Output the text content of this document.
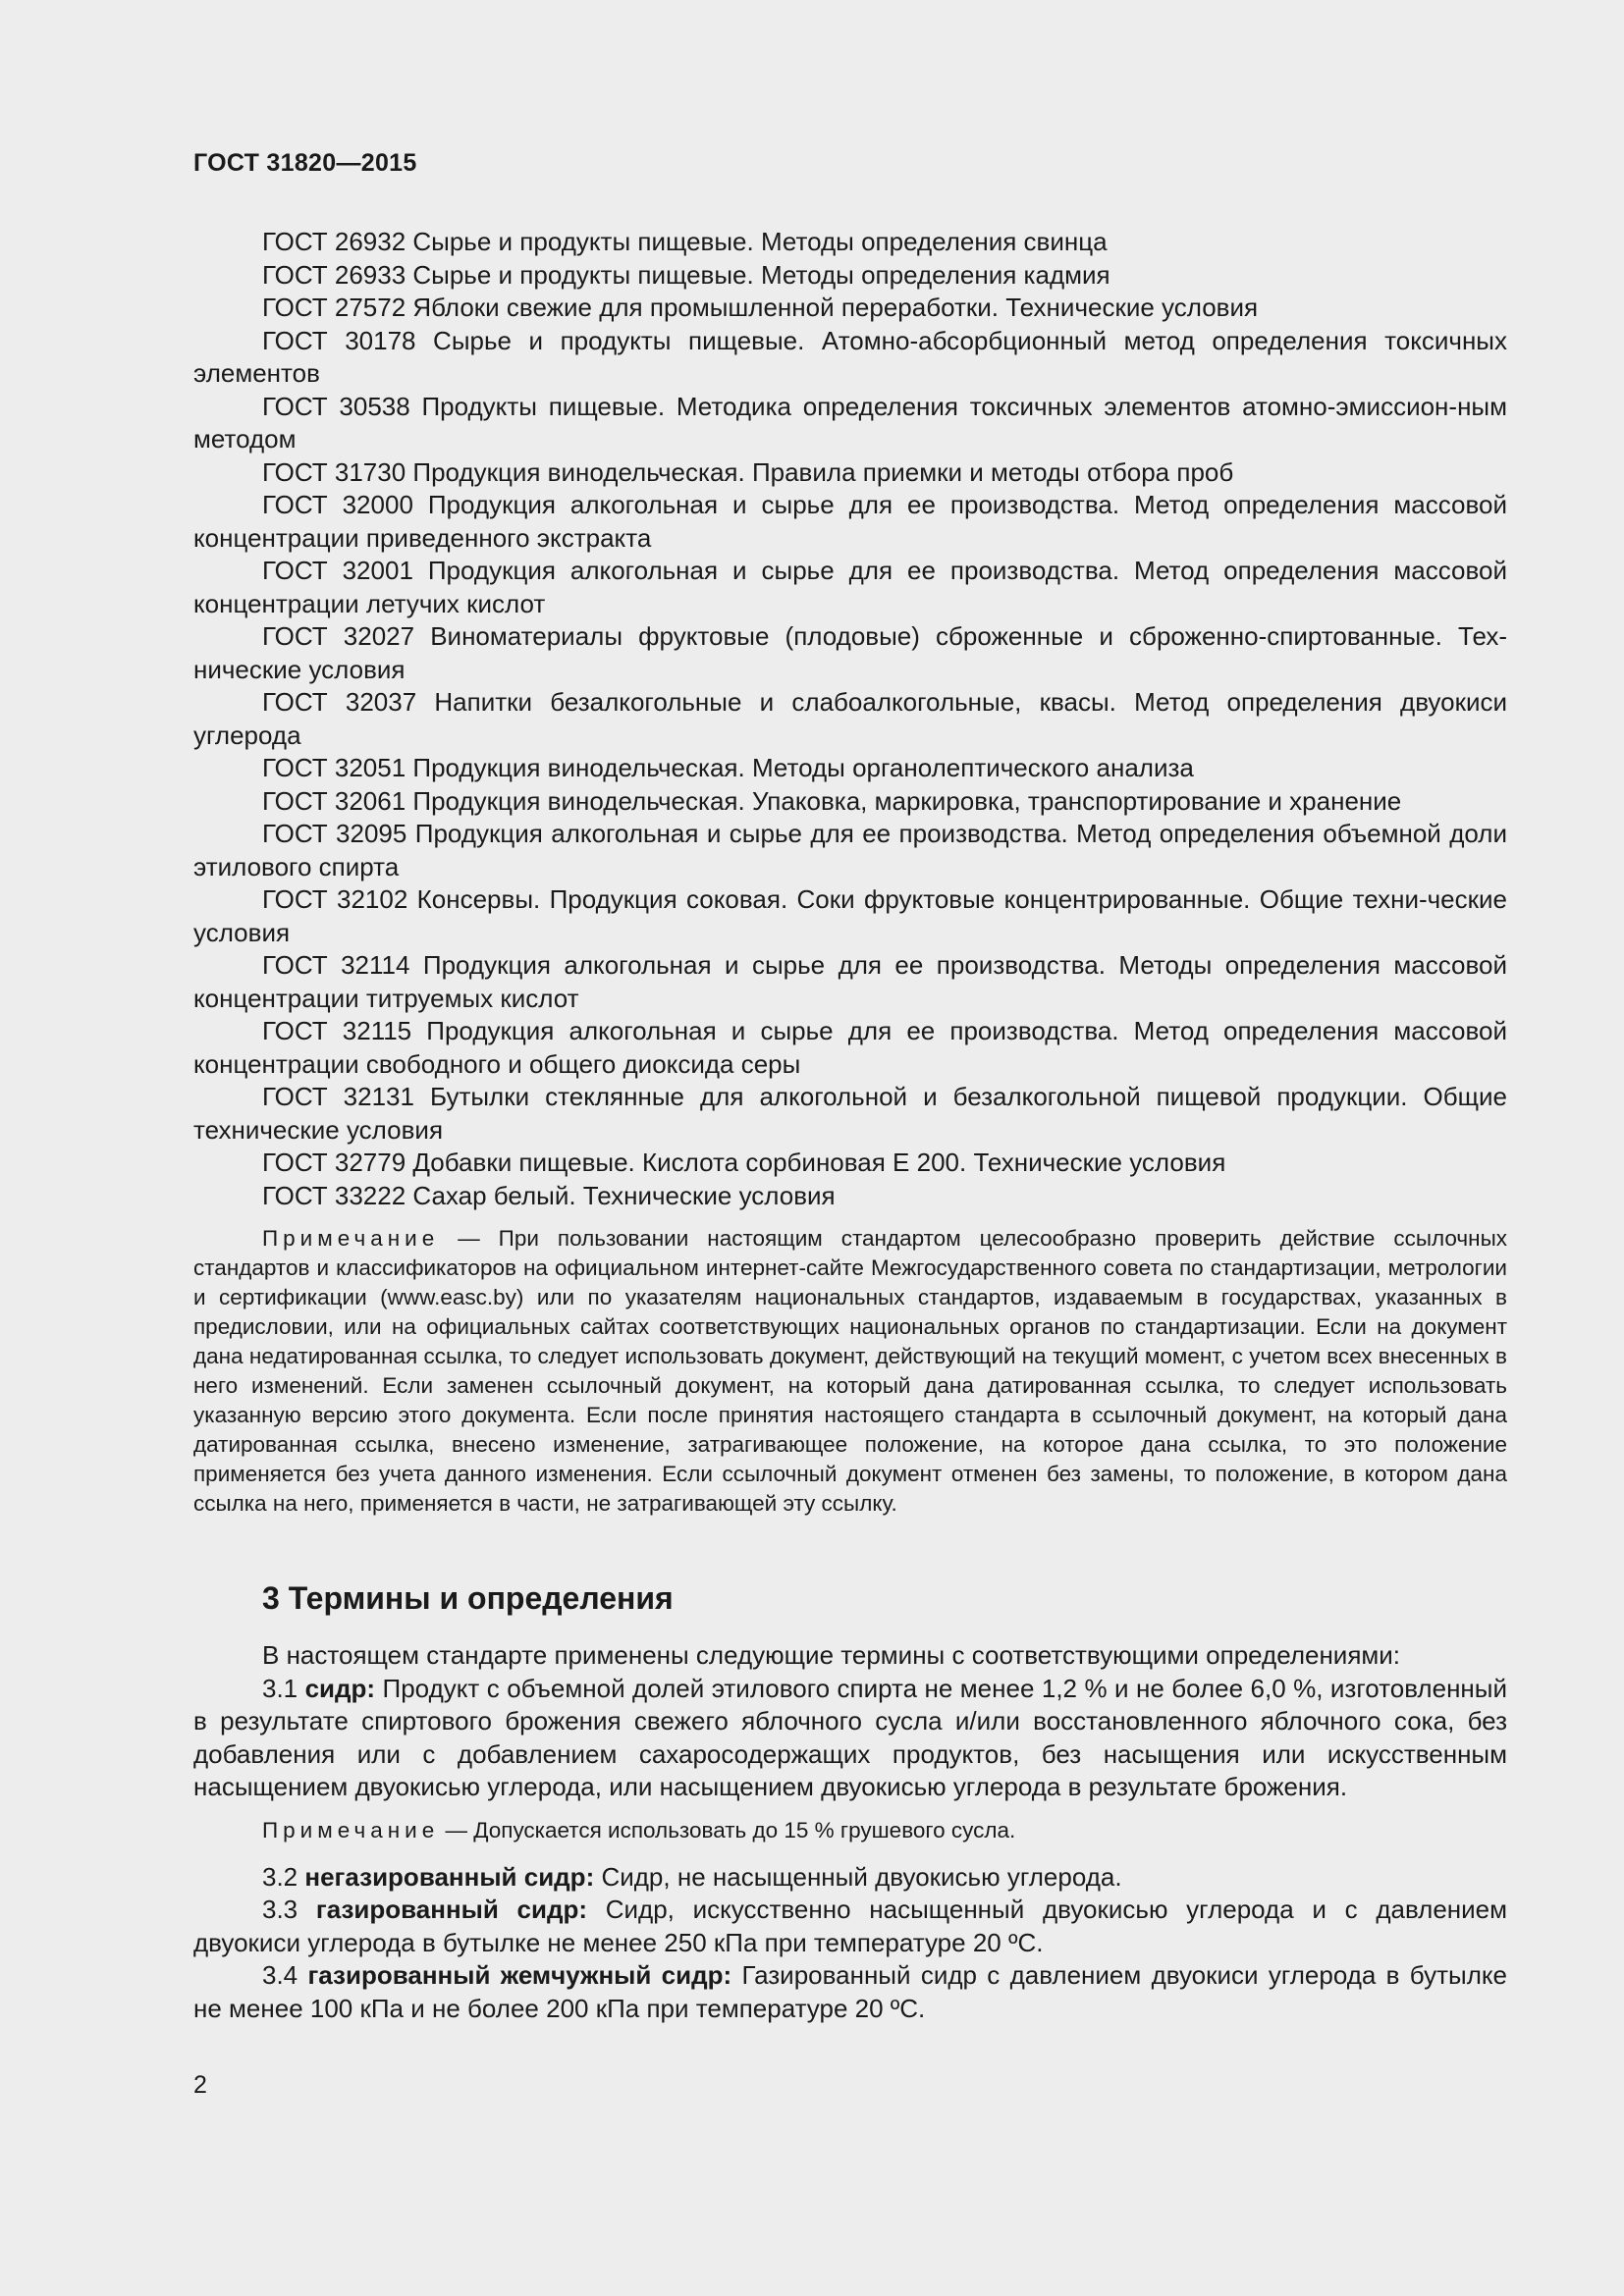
ГОСТ 31820—2015

ГОСТ 26932 Сырье и продукты пищевые. Методы определения свинца

ГОСТ 26933 Сырье и продукты пищевые. Методы определения кадмия

ГОСТ 27572 Яблоки свежие для промышленной переработки. Технические условия

ГОСТ 30178 Сырье и продукты пищевые. Атомно-абсорбционный метод определения токсичных элементов

ГОСТ 30538 Продукты пищевые. Методика определения токсичных элементов атомно-эмиссион-ным методом

ГОСТ 31730 Продукция винодельческая. Правила приемки и методы отбора проб

ГОСТ 32000 Продукция алкогольная и сырье для ее производства. Метод определения массовой концентрации приведенного экстракта

ГОСТ 32001 Продукция алкогольная и сырье для ее производства. Метод определения массовой концентрации летучих кислот

ГОСТ 32027 Виноматериалы фруктовые (плодовые) сброженные и сброженно-спиртованные. Тех-нические условия

ГОСТ 32037 Напитки безалкогольные и слабоалкогольные, квасы. Метод определения двуокиси углерода

ГОСТ 32051 Продукция винодельческая. Методы органолептического анализа

ГОСТ 32061 Продукция винодельческая. Упаковка, маркировка, транспортирование и хранение

ГОСТ 32095 Продукция алкогольная и сырье для ее производства. Метод определения объемной доли этилового спирта

ГОСТ 32102 Консервы. Продукция соковая. Соки фруктовые концентрированные. Общие техни-ческие условия

ГОСТ 32114 Продукция алкогольная и сырье для ее производства. Методы определения массовой концентрации титруемых кислот

ГОСТ 32115 Продукция алкогольная и сырье для ее производства. Метод определения массовой концентрации свободного и общего диоксида серы

ГОСТ 32131 Бутылки стеклянные для алкогольной и безалкогольной пищевой продукции. Общие технические условия

ГОСТ 32779 Добавки пищевые. Кислота сорбиновая Е 200. Технические условия

ГОСТ 33222 Сахар белый. Технические условия

Примечание — При пользовании настоящим стандартом целесообразно проверить действие ссылочных стандартов и классификаторов на официальном интернет-сайте Межгосударственного совета по стандартизации, метрологии и сертификации (www.easc.by) или по указателям национальных стандартов, издаваемым в государствах, указанных в предисловии, или на официальных сайтах соответствующих национальных органов по стандартизации. Если на документ дана недатированная ссылка, то следует использовать документ, действующий на текущий момент, с учетом всех внесенных в него изменений. Если заменен ссылочный документ, на который дана датированная ссылка, то следует использовать указанную версию этого документа. Если после принятия настоящего стандарта в ссылочный документ, на который дана датированная ссылка, внесено изменение, затрагивающее положение, на которое дана ссылка, то это положение применяется без учета данного изменения. Если ссылочный документ отменен без замены, то положение, в котором дана ссылка на него, применяется в части, не затрагивающей эту ссылку.

3 Термины и определения

В настоящем стандарте применены следующие термины с соответствующими определениями:

3.1 сидр: Продукт с объемной долей этилового спирта не менее 1,2 % и не более 6,0 %, изготовленный в результате спиртового брожения свежего яблочного сусла и/или восстановленного яблочного сока, без добавления или с добавлением сахаросодержащих продуктов, без насыщения или искусственным насыщением двуокисью углерода, или насыщением двуокисью углерода в результате брожения.

Примечание — Допускается использовать до 15 % грушевого сусла.

3.2 негазированный сидр: Сидр, не насыщенный двуокисью углерода.

3.3 газированный сидр: Сидр, искусственно насыщенный двуокисью углерода и с давлением двуокиси углерода в бутылке не менее 250 кПа при температуре 20 ºС.

3.4 газированный жемчужный сидр: Газированный сидр с давлением двуокиси углерода в бутылке не менее 100 кПа и не более 200 кПа при температуре 20 ºС.

2
